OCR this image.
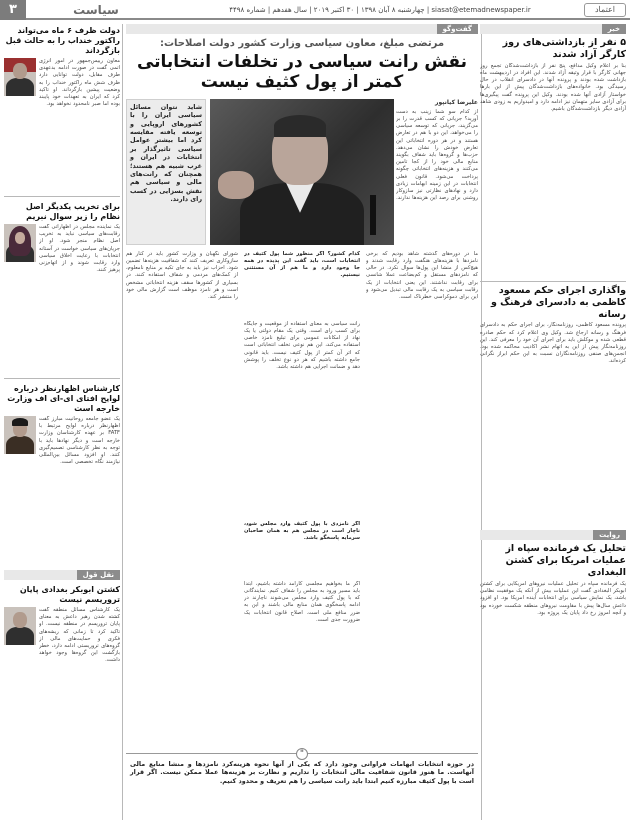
۳	سیاست	siasat@etemadnewspaper.ir | چهارشنبه ۸ آبان ۱۳۹۸ | ۳۰ اکتبر ۲۰۱۹ | سال هفدهم | شماره ۴۴۹۸	اعتماد
خبر
۵ نفر از بازداشتی‌های روز کارگر آزاد شدند
بنا بر اعلام وکیل مدافع، پنج نفر از بازداشت‌شدگان تجمع روز جهانی کارگر با قرار وثیقه آزاد شدند. این افراد در اردیبهشت ماه بازداشت شده بودند و پرونده آنها در دادسرای انقلاب در حال رسیدگی بود. خانواده‌های بازداشت‌شدگان پیش از این بارها خواستار آزادی آنها شده بودند. وکیل این پرونده گفت پیگیری‌ها برای آزادی سایر متهمان نیز ادامه دارد و امیدواریم به زودی شاهد آزادی دیگر بازداشت‌شدگان باشیم.
واگذاری اجرای حکم مسعود کاظمی به دادسرای فرهنگ و رسانه
پرونده مسعود کاظمی، روزنامه‌نگار، برای اجرای حکم به دادسرای فرهنگ و رسانه ارجاع شد. وکیل وی اعلام کرد که حکم صادره قطعی شده و موکلش باید برای اجرای آن خود را معرفی کند. این روزنامه‌نگار پیش از این به اتهام نشر اکاذیب محاکمه شده بود. انجمن‌های صنفی روزنامه‌نگاران نسبت به این حکم ابراز نگرانی کرده‌اند.
روایت
تحلیل یک فرمانده سپاه از عملیات امریکا برای کشتن البغدادی
یک فرمانده سپاه در تحلیل عملیات نیروهای امریکایی برای کشتن ابوبکر البغدادی گفت این عملیات بیش از آنکه یک موفقیت نظامی باشد، یک نمایش سیاسی برای انتخابات آینده امریکا بود. او افزود داعش سال‌ها پیش با مقاومت نیروهای منطقه شکست خورده بود و آنچه امروز رخ داد پایان یک پروژه بود.
گفت‌وگو
مرتضی مبلغ، معاون سیاسی وزارت کشور دولت اصلاحات:
نقش رانت سیاسی در تخلفات انتخاباتی کمتر از پول کثیف نیست
علیرضا کیانپور
از کدام سو شما زینب به دست آورید؟ جریانی که کسب قدرت را بر می‌گزیند، جریانی که توسعه سیاسی را می‌خواهد، این دو با هم در تعارض هستند و در هر دوره انتخاباتی این تعارض خودش را نشان می‌دهد. حزب‌ها و گروه‌ها باید شفاف بگویند منابع مالی خود را از کجا تامین می‌کنند و هزینه‌های انتخاباتی چگونه پرداخت می‌شود. قانون فعلی انتخابات در این زمینه ابهامات زیادی دارد و نهادهای نظارتی نیز سازوکار روشنی برای رصد این هزینه‌ها ندارند.
شاید نتوان مسائل سیاسی ایران را با کشورهای اروپایی و توسعه یافته مقایسه کرد اما بیشتر عوامل سیاسی تاثیرگذار بر انتخابات در ایران و غرب شبیه هم هستند؛ همچنان که رانت‌های مالی و سیاسی هم نقش بسزایی در کسب رای دارند.
ما در دوره‌های گذشته شاهد بودیم که برخی نامزدها با هزینه‌های هنگفت وارد رقابت شدند و هیچ‌کس از منشا این پول‌ها سوال نکرد. در حالی که نامزدهای مستقل و کم‌بضاعت عملا شانسی برای رقابت نداشتند. این یعنی انتخابات از یک رقابت سیاسی به یک رقابت مالی تبدیل می‌شود و این برای دموکراسی خطرناک است.
کدام کشور؟ اگر منظور شما پول کثیف در انتخابات است، باید گفت این پدیده در همه جا وجود دارد و ما هم از آن مستثنی نیستیم.
رانت سیاسی به معنای استفاده از موقعیت و جایگاه برای کسب رای است. وقتی یک مقام دولتی یا یک نهاد از امکانات عمومی برای تبلیغ نامزد خاصی استفاده می‌کند، این هم نوعی تخلف انتخاباتی است که اثر آن کمتر از پول کثیف نیست. باید قانونی جامع داشته باشیم که هر دو نوع تخلف را پوشش دهد و ضمانت اجرایی هم داشته باشد.
اگر نامزدی با پول کثیف وارد مجلس شود، ناچار است در مجلس هم به همان صاحبان سرمایه پاسخگو باشد.
اگر ما بخواهیم مجلسی کارآمد داشته باشیم، ابتدا باید مسیر ورود به مجلس را شفاف کنیم. نمایندگانی که با پول کثیف وارد مجلس می‌شوند ناچارند در ادامه پاسخگوی همان منابع مالی باشند و این به ضرر منافع ملی است. اصلاح قانون انتخابات یک ضرورت جدی است.
شورای نگهبان و وزارت کشور باید در کنار هم سازوکاری تعریف کنند که شفافیت هزینه‌ها تضمین شود. احزاب نیز باید به جای تکیه بر منابع نامعلوم، از کمک‌های مردمی و شفاف استفاده کنند. در بسیاری از کشورها سقف هزینه انتخاباتی مشخص است و هر نامزد موظف است گزارش مالی خود را منتشر کند.
"
در حوزه انتخابات ابهامات فراوانی وجود دارد که یکی از آنها نحوه هزینه‌کرد نامزدها و منشا منابع مالی آنهاست. ما هنوز قانون شفافیت مالی انتخابات را نداریم و نظارت بر هزینه‌ها عملا ممکن نیست. اگر قرار است با پول کثیف مبارزه کنیم ابتدا باید رانت سیاسی را هم تعریف و محدود کنیم.
دولت ظرف ۶ ماه می‌تواند راکتور خنداب را به حالت قبل بازگرداند
معاون رییس‌جمهور در امور انرژی اتمی گفت در صورت ادامه بدعهدی طرف مقابل، دولت توانایی دارد ظرف شش ماه راکتور خنداب را به وضعیت پیشین بازگرداند. او تاکید کرد که ایران به تعهدات خود پایبند بوده اما صبر نامحدود نخواهد بود.
برای تخریب یکدیگر اصل نظام را زیر سوال نبریم
یک نماینده مجلس در اظهاراتی گفت رقابت‌های سیاسی نباید به تخریب اصل نظام منجر شود. او از جریان‌های سیاسی خواست در آستانه انتخابات با رعایت اخلاق سیاسی وارد رقابت شوند و از اتهام‌زنی پرهیز کنند.
کارشناس اظهارنظر درباره لوایح افتای ای-ای اف وزارت خارجه است
یک عضو جامعه روحانیت مبارز گفت اظهارنظر درباره لوایح مرتبط با FATF بر عهده کارشناسان وزارت خارجه است و دیگر نهادها باید با توجه به نظر کارشناسی تصمیم‌گیری کنند. او افزود مسائل بین‌المللی نیازمند نگاه تخصصی است.
نقل قول
کشتن ابوبکر بغدادی پایان تروریسم نیست
یک کارشناس مسائل منطقه گفت کشته شدن رهبر داعش به معنای پایان تروریسم در منطقه نیست. او تاکید کرد تا زمانی که ریشه‌های فکری و حمایت‌های مالی از گروه‌های تروریستی ادامه دارد، خطر بازگشت این گروه‌ها وجود خواهد داشت.
